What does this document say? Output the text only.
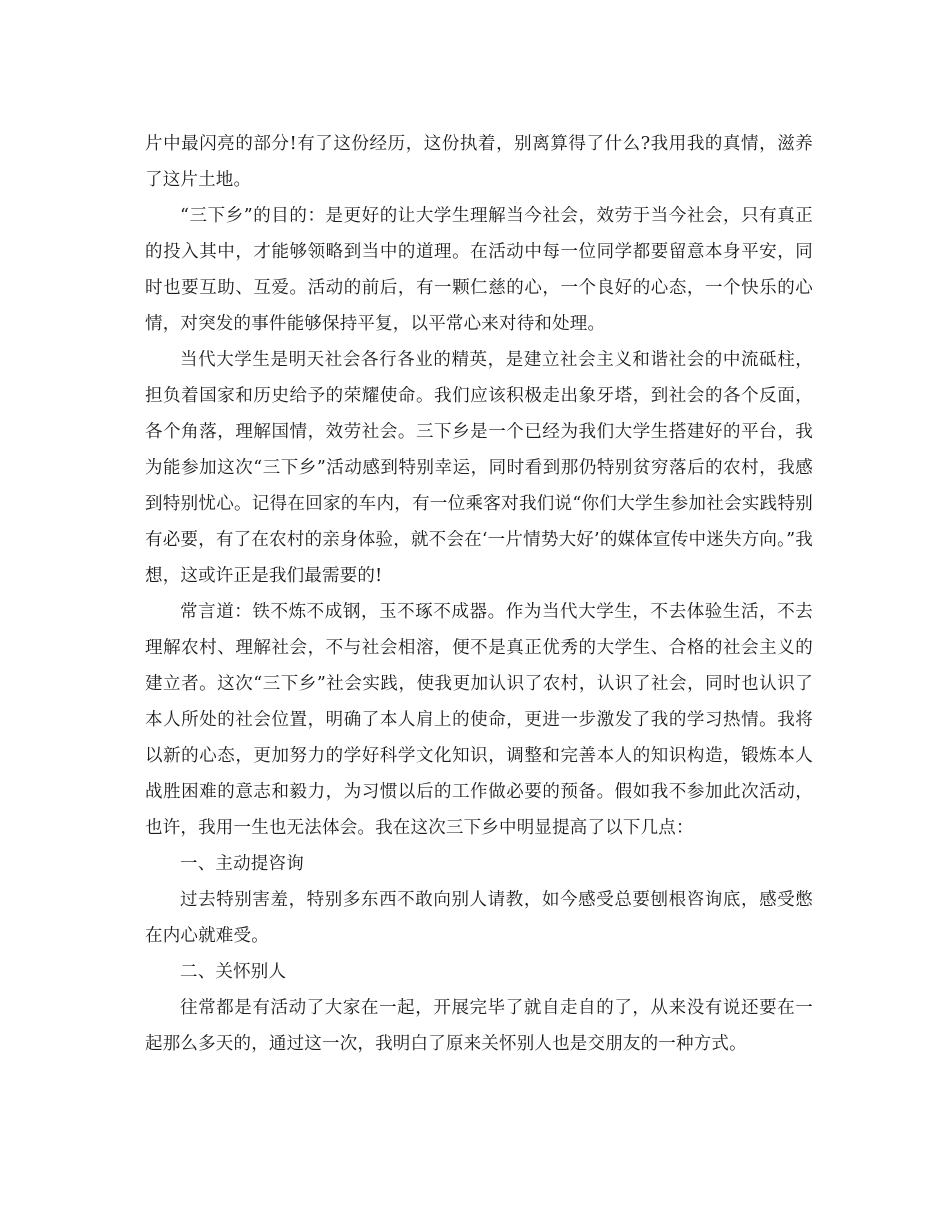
片中最闪亮的部分!有了这份经历，这份执着，别离算得了什么?我用我的真情，滋养了这片土地。

“三下乡”的目的：是更好的让大学生理解当今社会，效劳于当今社会，只有真正的投入其中，才能够领略到当中的道理。在活动中每一位同学都要留意本身平安，同时也要互助、互爱。活动的前后，有一颗仁慈的心，一个良好的心态，一个快乐的心情，对突发的事件能够保持平复，以平常心来对待和处理。

当代大学生是明天社会各行各业的精英，是建立社会主义和谐社会的中流砥柱，担负着国家和历史给予的荣耀使命。我们应该积极走出象牙塔，到社会的各个反面，各个角落，理解国情，效劳社会。三下乡是一个已经为我们大学生搭建好的平台，我为能参加这次“三下乡”活动感到特别幸运，同时看到那仍特别贫穷落后的农村，我感到特别忧心。记得在回家的车内，有一位乘客对我们说“你们大学生参加社会实践特别有必要，有了在农村的亲身体验，就不会在‘一片情势大好’的媒体宣传中迷失方向。”我想，这或许正是我们最需要的!

常言道：铁不炼不成钢，玉不琢不成器。作为当代大学生，不去体验生活，不去理解农村、理解社会，不与社会相溶，便不是真正优秀的大学生、合格的社会主义的建立者。这次“三下乡”社会实践，使我更加认识了农村，认识了社会，同时也认识了本人所处的社会位置，明确了本人肩上的使命，更进一步激发了我的学习热情。我将以新的心态，更加努力的学好科学文化知识，调整和完善本人的知识构造，锻炼本人战胜困难的意志和毅力，为习惯以后的工作做必要的预备。假如我不参加此次活动，也许，我用一生也无法体会。我在这次三下乡中明显提高了以下几点：

一、主动提咨询

过去特别害羞，特别多东西不敢向别人请教，如今感受总要刨根咨询底，感受憋在内心就难受。

二、关怀别人

往常都是有活动了大家在一起，开展完毕了就自走自的了，从来没有说还要在一起那么多天的，通过这一次，我明白了原来关怀别人也是交朋友的一种方式。
